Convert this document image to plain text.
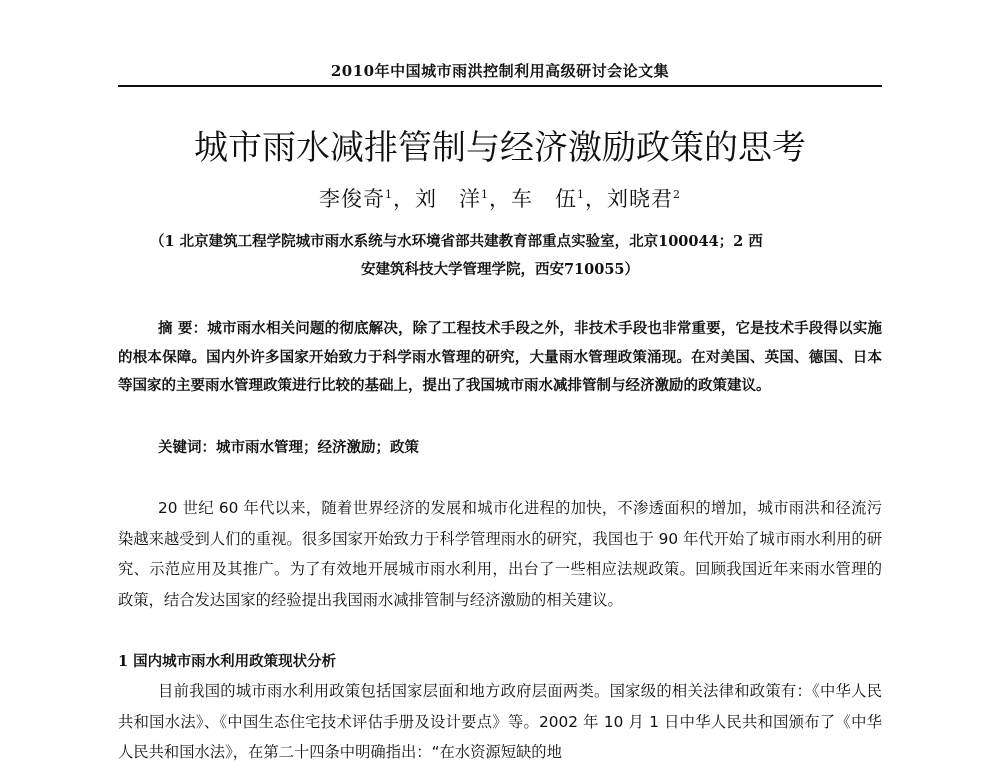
2010年中国城市雨洪控制利用高级研讨会论文集
城市雨水减排管制与经济激励政策的思考
李俊奇$^1$，刘　洋$^1$，车　伍$^1$，刘晓君$^2$
（1 北京建筑工程学院城市雨水系统与水环境省部共建教育部重点实验室，北京100044；2 西
安建筑科技大学管理学院，西安710055）

摘 要：城市雨水相关问题的彻底解决，除了工程技术手段之外，非技术手段也非常重要，它是技术手段得以实施的根本保障。国内外许多国家开始致力于科学雨水管理的研究，大量雨水管理政策涌现。在对美国、英国、德国、日本等国家的主要雨水管理政策进行比较的基础上，提出了我国城市雨水减排管制与经济激励的政策建议。

关键词：城市雨水管理；经济激励；政策

20 世纪 60 年代以来，随着世界经济的发展和城市化进程的加快，不渗透面积的增加，城市雨洪和径流污染越来越受到人们的重视。很多国家开始致力于科学管理雨水的研究，我国也于 90 年代开始了城市雨水利用的研究、示范应用及其推广。为了有效地开展城市雨水利用，出台了一些相应法规政策。回顾我国近年来雨水管理的政策，结合发达国家的经验提出我国雨水减排管制与经济激励的相关建议。

1 国内城市雨水利用政策现状分析

目前我国的城市雨水利用政策包括国家层面和地方政府层面两类。国家级的相关法律和政策有：《中华人民共和国水法》、《中国生态住宅技术评估手册及设计要点》等。2002 年 10 月 1 日中华人民共和国颁布了《中华人民共和国水法》，在第二十四条中明确指出：“在水资源短缺的地
